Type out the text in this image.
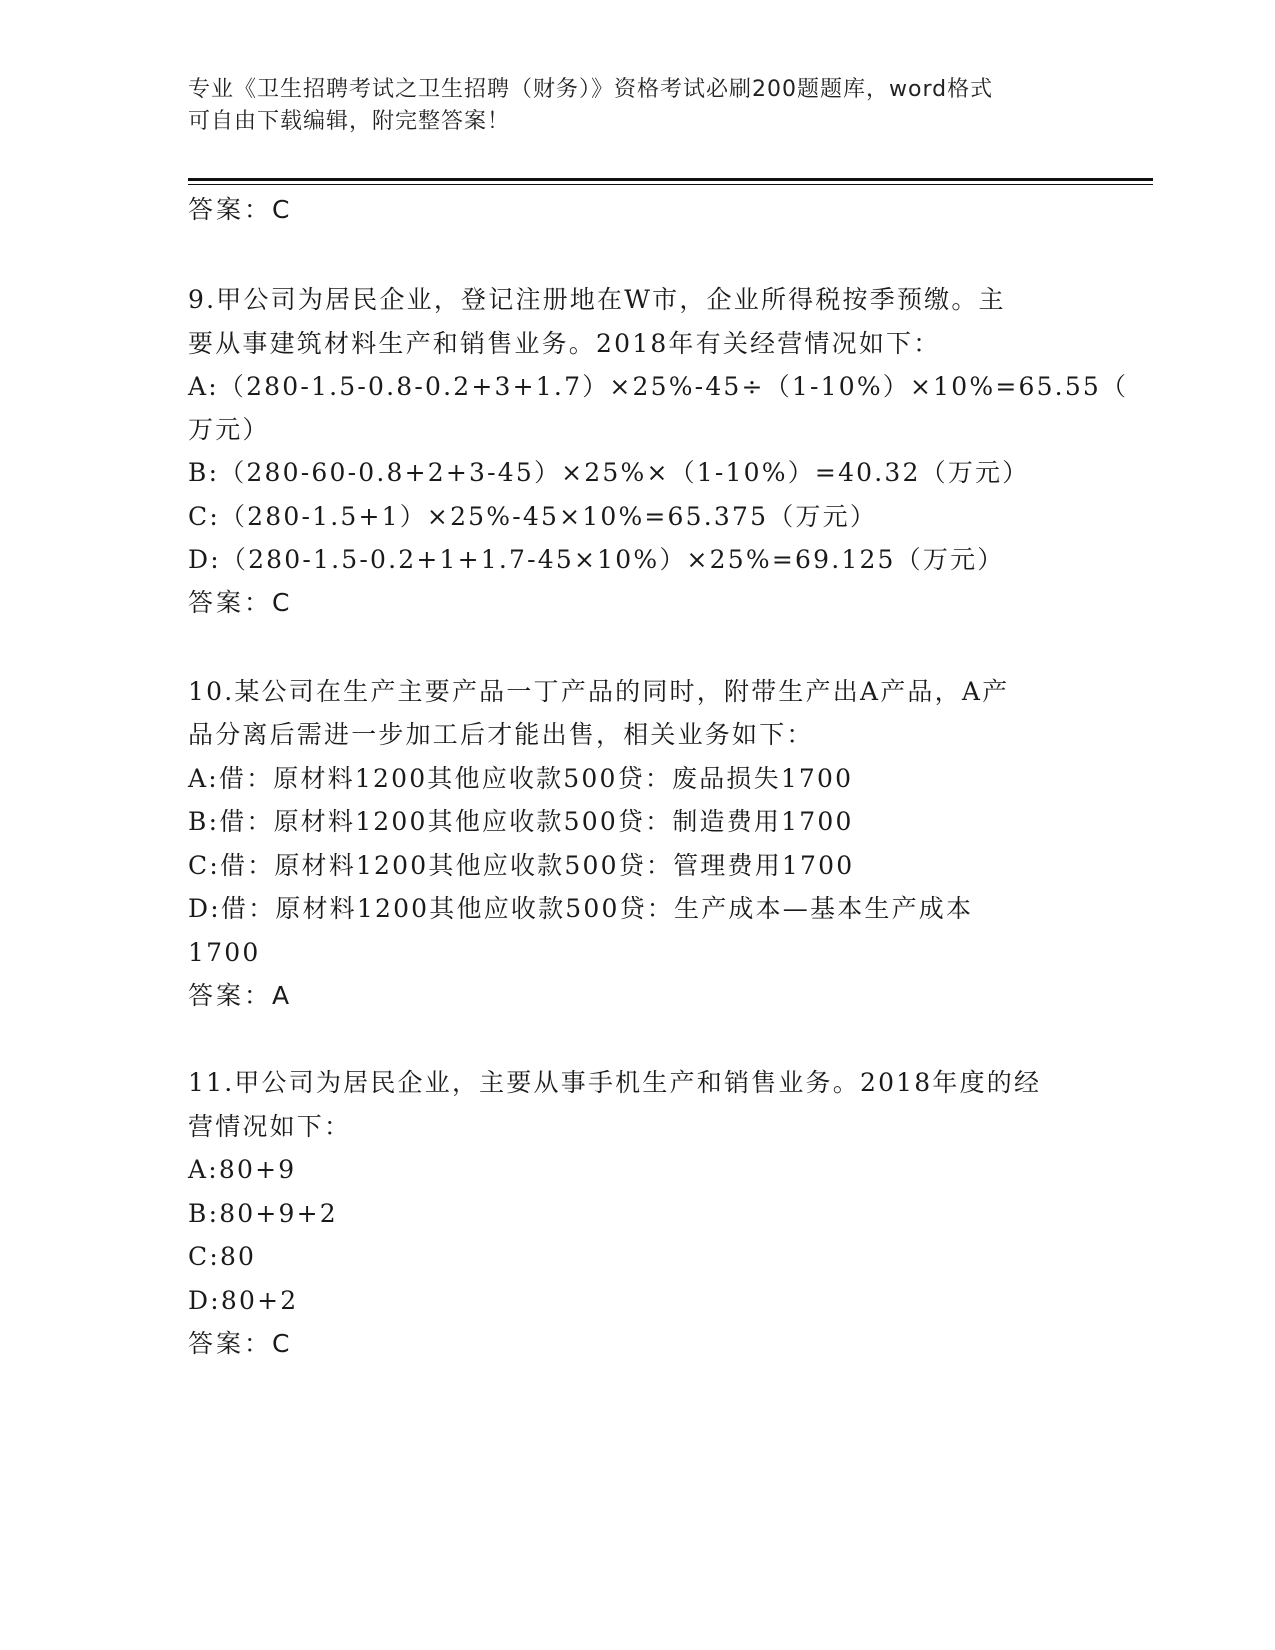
专业《卫生招聘考试之卫生招聘（财务）》资格考试必刷200题题库，word格式
可自由下载编辑，附完整答案！
答案：C
9.甲公司为居民企业，登记注册地在W市，企业所得税按季预缴。主
要从事建筑材料生产和销售业务。2018年有关经营情况如下：
A:（280-1.5-0.8-0.2+3+1.7）×25%-45÷（1-10%）×10%=65.55（
万元）
B:（280-60-0.8+2+3-45）×25%×（1-10%）=40.32（万元）
C:（280-1.5+1）×25%-45×10%=65.375（万元）
D:（280-1.5-0.2+1+1.7-45×10%）×25%=69.125（万元）
答案：C
10.某公司在生产主要产品一丁产品的同时，附带生产出A产品，A产
品分离后需进一步加工后才能出售，相关业务如下：
A:借：原材料1200其他应收款500贷：废品损失1700
B:借：原材料1200其他应收款500贷：制造费用1700
C:借：原材料1200其他应收款500贷：管理费用1700
D:借：原材料1200其他应收款500贷：生产成本—基本生产成本
1700
答案：A
11.甲公司为居民企业，主要从事手机生产和销售业务。2018年度的经
营情况如下：
A:80+9
B:80+9+2
C:80
D:80+2
答案：C
